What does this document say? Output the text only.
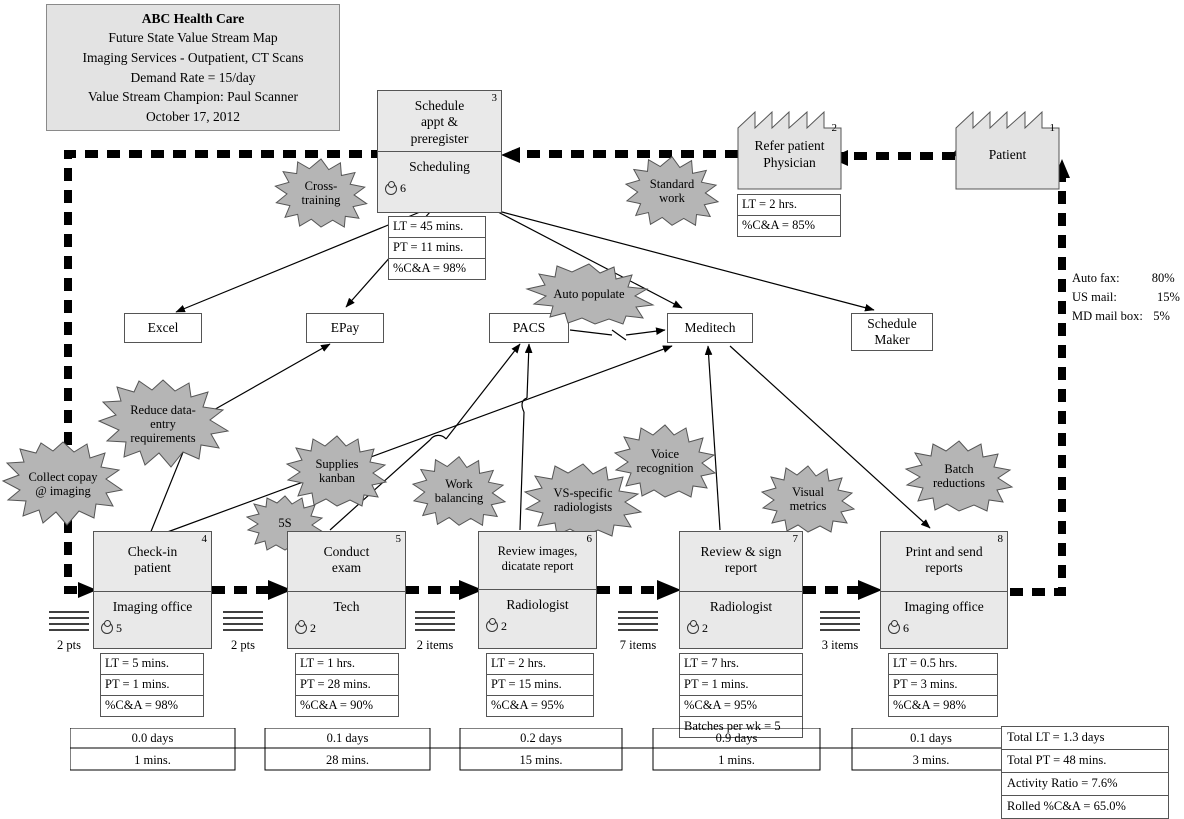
ABC Health Care
Future State Value Stream Map
Imaging Services - Outpatient, CT Scans
Demand Rate = 15/day
Value Stream Champion: Paul Scanner
October 17, 2012
Patient
1
Refer patient
Physician
2
LT = 2 hrs.
%C&A = 85%
3
Schedule
appt &
preregister
Scheduling
6
LT = 45 mins.
PT = 11 mins.
%C&A = 98%
Excel	EPay	PACS	Meditech	Schedule
Maker
Auto fax:	80%
US mail:	15%
MD mail box: 5%
Cross-
training
Standard
work
Auto populate
Reduce data-
entry
requirements
Collect copay
@ imaging
Supplies
kanban
5S
Work
balancing	VS-specific
radiologists
Voice
recognition
Visual
metrics
Batch
reductions
4
Check-in
patient
Imaging office
5
LT = 5 mins.
PT = 1 mins.
%C&A = 98%
5
Conduct
exam
Tech
2
LT = 1 hrs.
PT = 28 mins.
%C&A = 90%
6
Review images,
dicatate report
Radiologist
2
LT = 2 hrs.
PT = 15 mins.
%C&A = 95%
7
Review & sign
report
Radiologist
2
LT = 7 hrs.
PT = 1 mins.
%C&A = 95%
Batches per wk = 5
8
Print and send
reports
Imaging office
6
LT = 0.5 hrs.
PT = 3 mins.
%C&A = 98%
2 pts	2 pts	2 items	7 items	3 items
0.0 days	0.1 days	0.2 days	0.9 days	0.1 days
1 mins.	28 mins.	15 mins.	1 mins.	3 mins.
Total LT = 1.3 days
Total PT = 48 mins.
Activity Ratio = 7.6%
Rolled %C&A = 65.0%
